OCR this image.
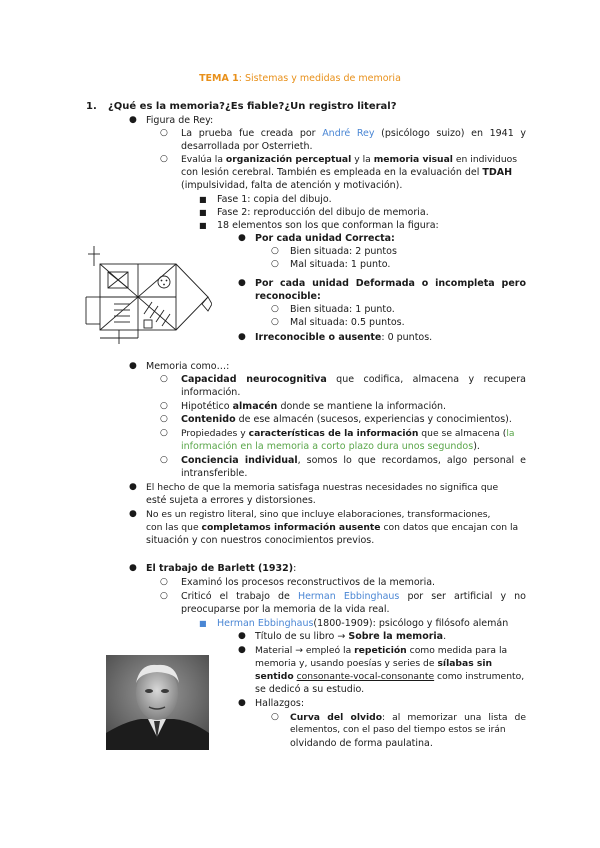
TEMA 1: Sistemas y medidas de memoria
1. ¿Qué es la memoria?¿Es fiable?¿Un registro literal?
● Figura de Rey:
○ La prueba fue creada por André Rey (psicólogo suizo) en 1941 y
desarrollada por Osterrieth.
○ Evalúa la organización perceptual y la memoria visual en individuos
con lesión cerebral. También es empleada en la evaluación del TDAH
(impulsividad, falta de atención y motivación).
■ Fase 1: copia del dibujo.
■ Fase 2: reproducción del dibujo de memoria.
■ 18 elementos son los que conforman la figura:
● Por cada unidad Correcta:
○ Bien situada: 2 puntos
○ Mal situada: 1 punto.
● Por cada unidad Deformada o incompleta pero
reconocible:
○ Bien situada: 1 punto.
○ Mal situada: 0.5 puntos.
● Irreconocible o ausente: 0 puntos.
● Memoria como…:
○ Capacidad neurocognitiva que codifica, almacena y recupera
información.
○ Hipotético almacén donde se mantiene la información.
○ Contenido de ese almacén (sucesos, experiencias y conocimientos).
○ Propiedades y características de la información que se almacena (la
información en la memoria a corto plazo dura unos segundos).
○ Conciencia individual, somos lo que recordamos, algo personal e
intransferible.
● El hecho de que la memoria satisfaga nuestras necesidades no significa que
esté sujeta a errores y distorsiones.
● No es un registro literal, sino que incluye elaboraciones, transformaciones,
con las que completamos información ausente con datos que encajan con la
situación y con nuestros conocimientos previos.
● El trabajo de Barlett (1932):
○ Examinó los procesos reconstructivos de la memoria.
○ Criticó el trabajo de Herman Ebbinghaus por ser artificial y no
preocuparse por la memoria de la vida real.
■ Herman Ebbinghaus(1800-1909): psicólogo y filósofo alemán
● Título de su libro → Sobre la memoria.
● Material → empleó la repetición como medida para la
memoria y, usando poesías y series de sílabas sin
sentido consonante-vocal-consonante como instrumento,
se dedicó a su estudio.
● Hallazgos:
○ Curva del olvido: al memorizar una lista de
elementos, con el paso del tiempo estos se irán
olvidando de forma paulatina.
